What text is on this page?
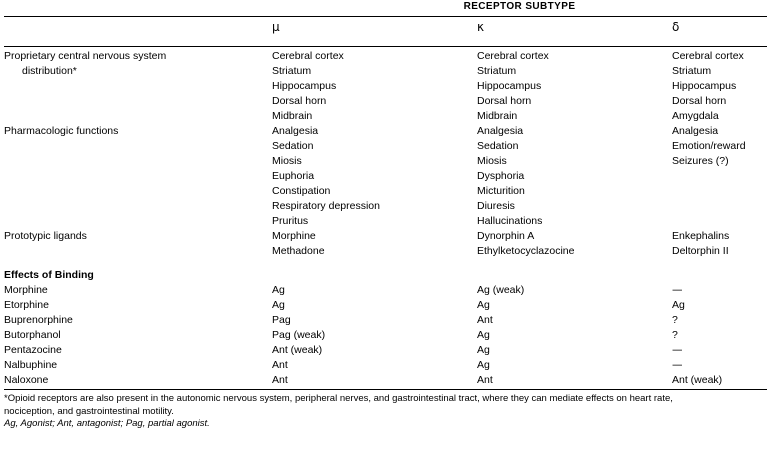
	RECEPTOR SUBTYPE		
	μ	κ	δ

Proprietary central nervous system	Cerebral cortex	Cerebral cortex	Cerebral cortex
distribution*	Striatum	Striatum	Striatum
	Hippocampus	Hippocampus	Hippocampus
	Dorsal horn	Dorsal horn	Dorsal horn
	Midbrain	Midbrain	Amygdala
Pharmacologic functions	Analgesia	Analgesia	Analgesia
	Sedation	Sedation	Emotion/reward
	Miosis	Miosis	Seizures (?)
	Euphoria	Dysphoria	
	Constipation	Micturition	
	Respiratory depression	Diuresis	
	Pruritus	Hallucinations	
Prototypic ligands	Morphine	Dynorphin A	Enkephalins
	Methadone	Ethylketocyclazocine	Deltorphin II
Effects of Binding			
Morphine	Ag	Ag (weak)	—
Etorphine	Ag	Ag	Ag
Buprenorphine	Pag	Ant	?
Butorphanol	Pag (weak)	Ag	?
Pentazocine	Ant (weak)	Ag	—
Nalbuphine	Ant	Ag	—
Naloxone	Ant	Ant	Ant (weak)

*Opioid receptors are also present in the autonomic nervous system, peripheral nerves, and gastrointestinal tract, where they can mediate effects on heart rate,
nociception, and gastrointestinal motility.
Ag, Agonist; Ant, antagonist; Pag, partial agonist.			
